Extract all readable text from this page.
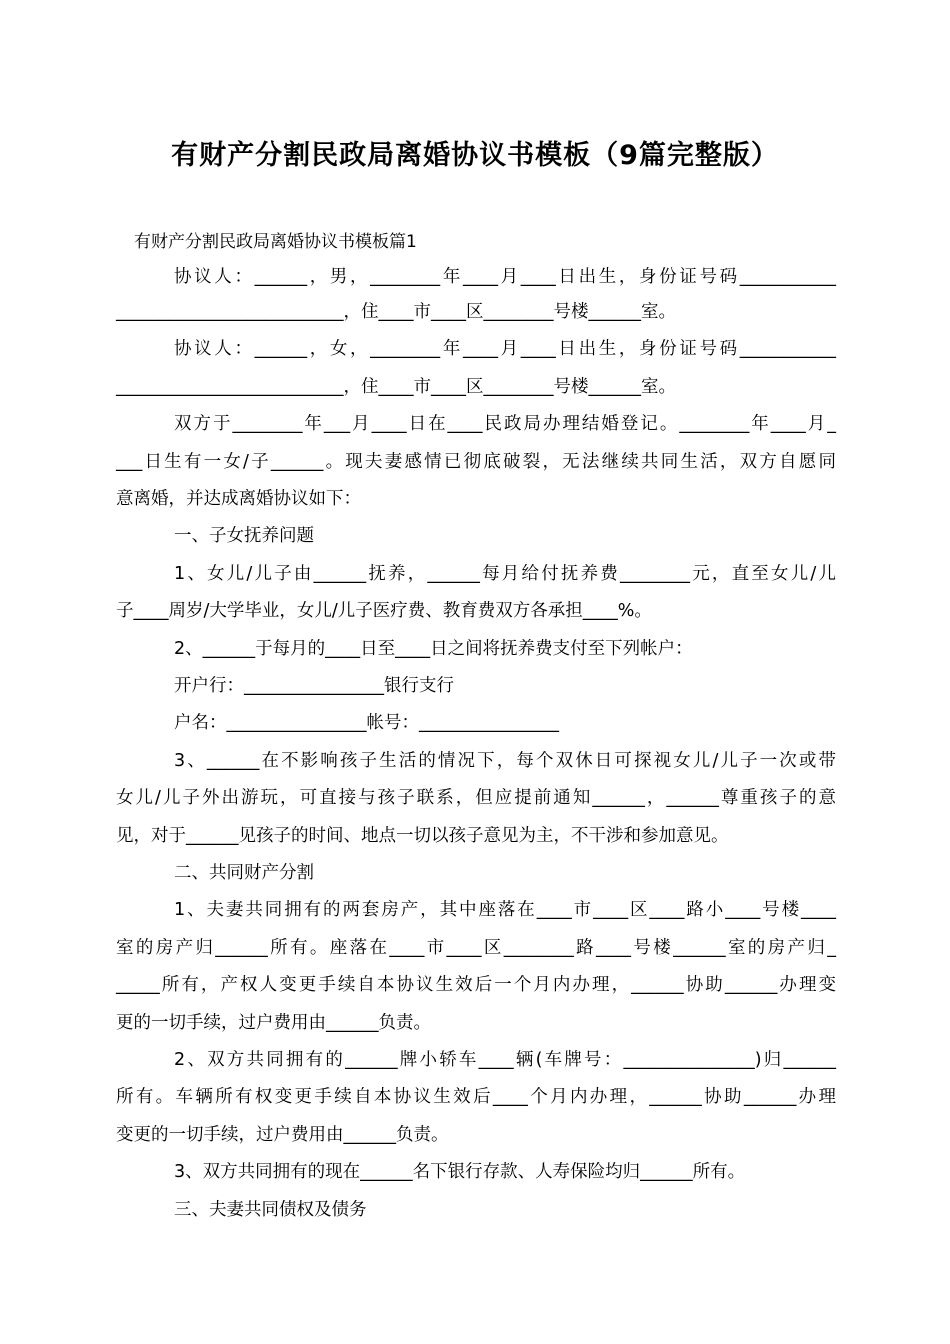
有财产分割民政局离婚协议书模板（9篇完整版）
有财产分割民政局离婚协议书模板篇1
协议人：______，男，________年____月____日出生，身份证号码___________
__________________________，住____市____区________号楼______室。
协议人：______，女，________年____月____日出生，身份证号码___________
__________________________，住____市____区________号楼______室。
双方于________年___月____日在____民政局办理结婚登记。________年____月_
___日生有一女/子______。现夫妻感情已彻底破裂，无法继续共同生活，双方自愿同
意离婚，并达成离婚协议如下：
一、子女抚养问题
1、女儿/儿子由______抚养，______每月给付抚养费________元，直至女儿/儿
子____周岁/大学毕业，女儿/儿子医疗费、教育费双方各承担____%。
2、______于每月的____日至____日之间将抚养费支付至下列帐户：
开户行：________________银行支行
户名：________________帐号：________________
3、______在不影响孩子生活的情况下，每个双休日可探视女儿/儿子一次或带
女儿/儿子外出游玩，可直接与孩子联系，但应提前通知______，______尊重孩子的意
见，对于______见孩子的时间、地点一切以孩子意见为主，不干涉和参加意见。
二、共同财产分割
1、夫妻共同拥有的两套房产，其中座落在____市____区____路小____号楼____
室的房产归______所有。座落在____市____区________路____号楼______室的房产归_
_____所有，产权人变更手续自本协议生效后一个月内办理，______协助______办理变
更的一切手续，过户费用由______负责。
2、双方共同拥有的______牌小轿车____辆(车牌号：_______________)归______
所有。车辆所有权变更手续自本协议生效后____个月内办理，______协助______办理
变更的一切手续，过户费用由______负责。
3、双方共同拥有的现在______名下银行存款、人寿保险均归______所有。
三、夫妻共同债权及债务
